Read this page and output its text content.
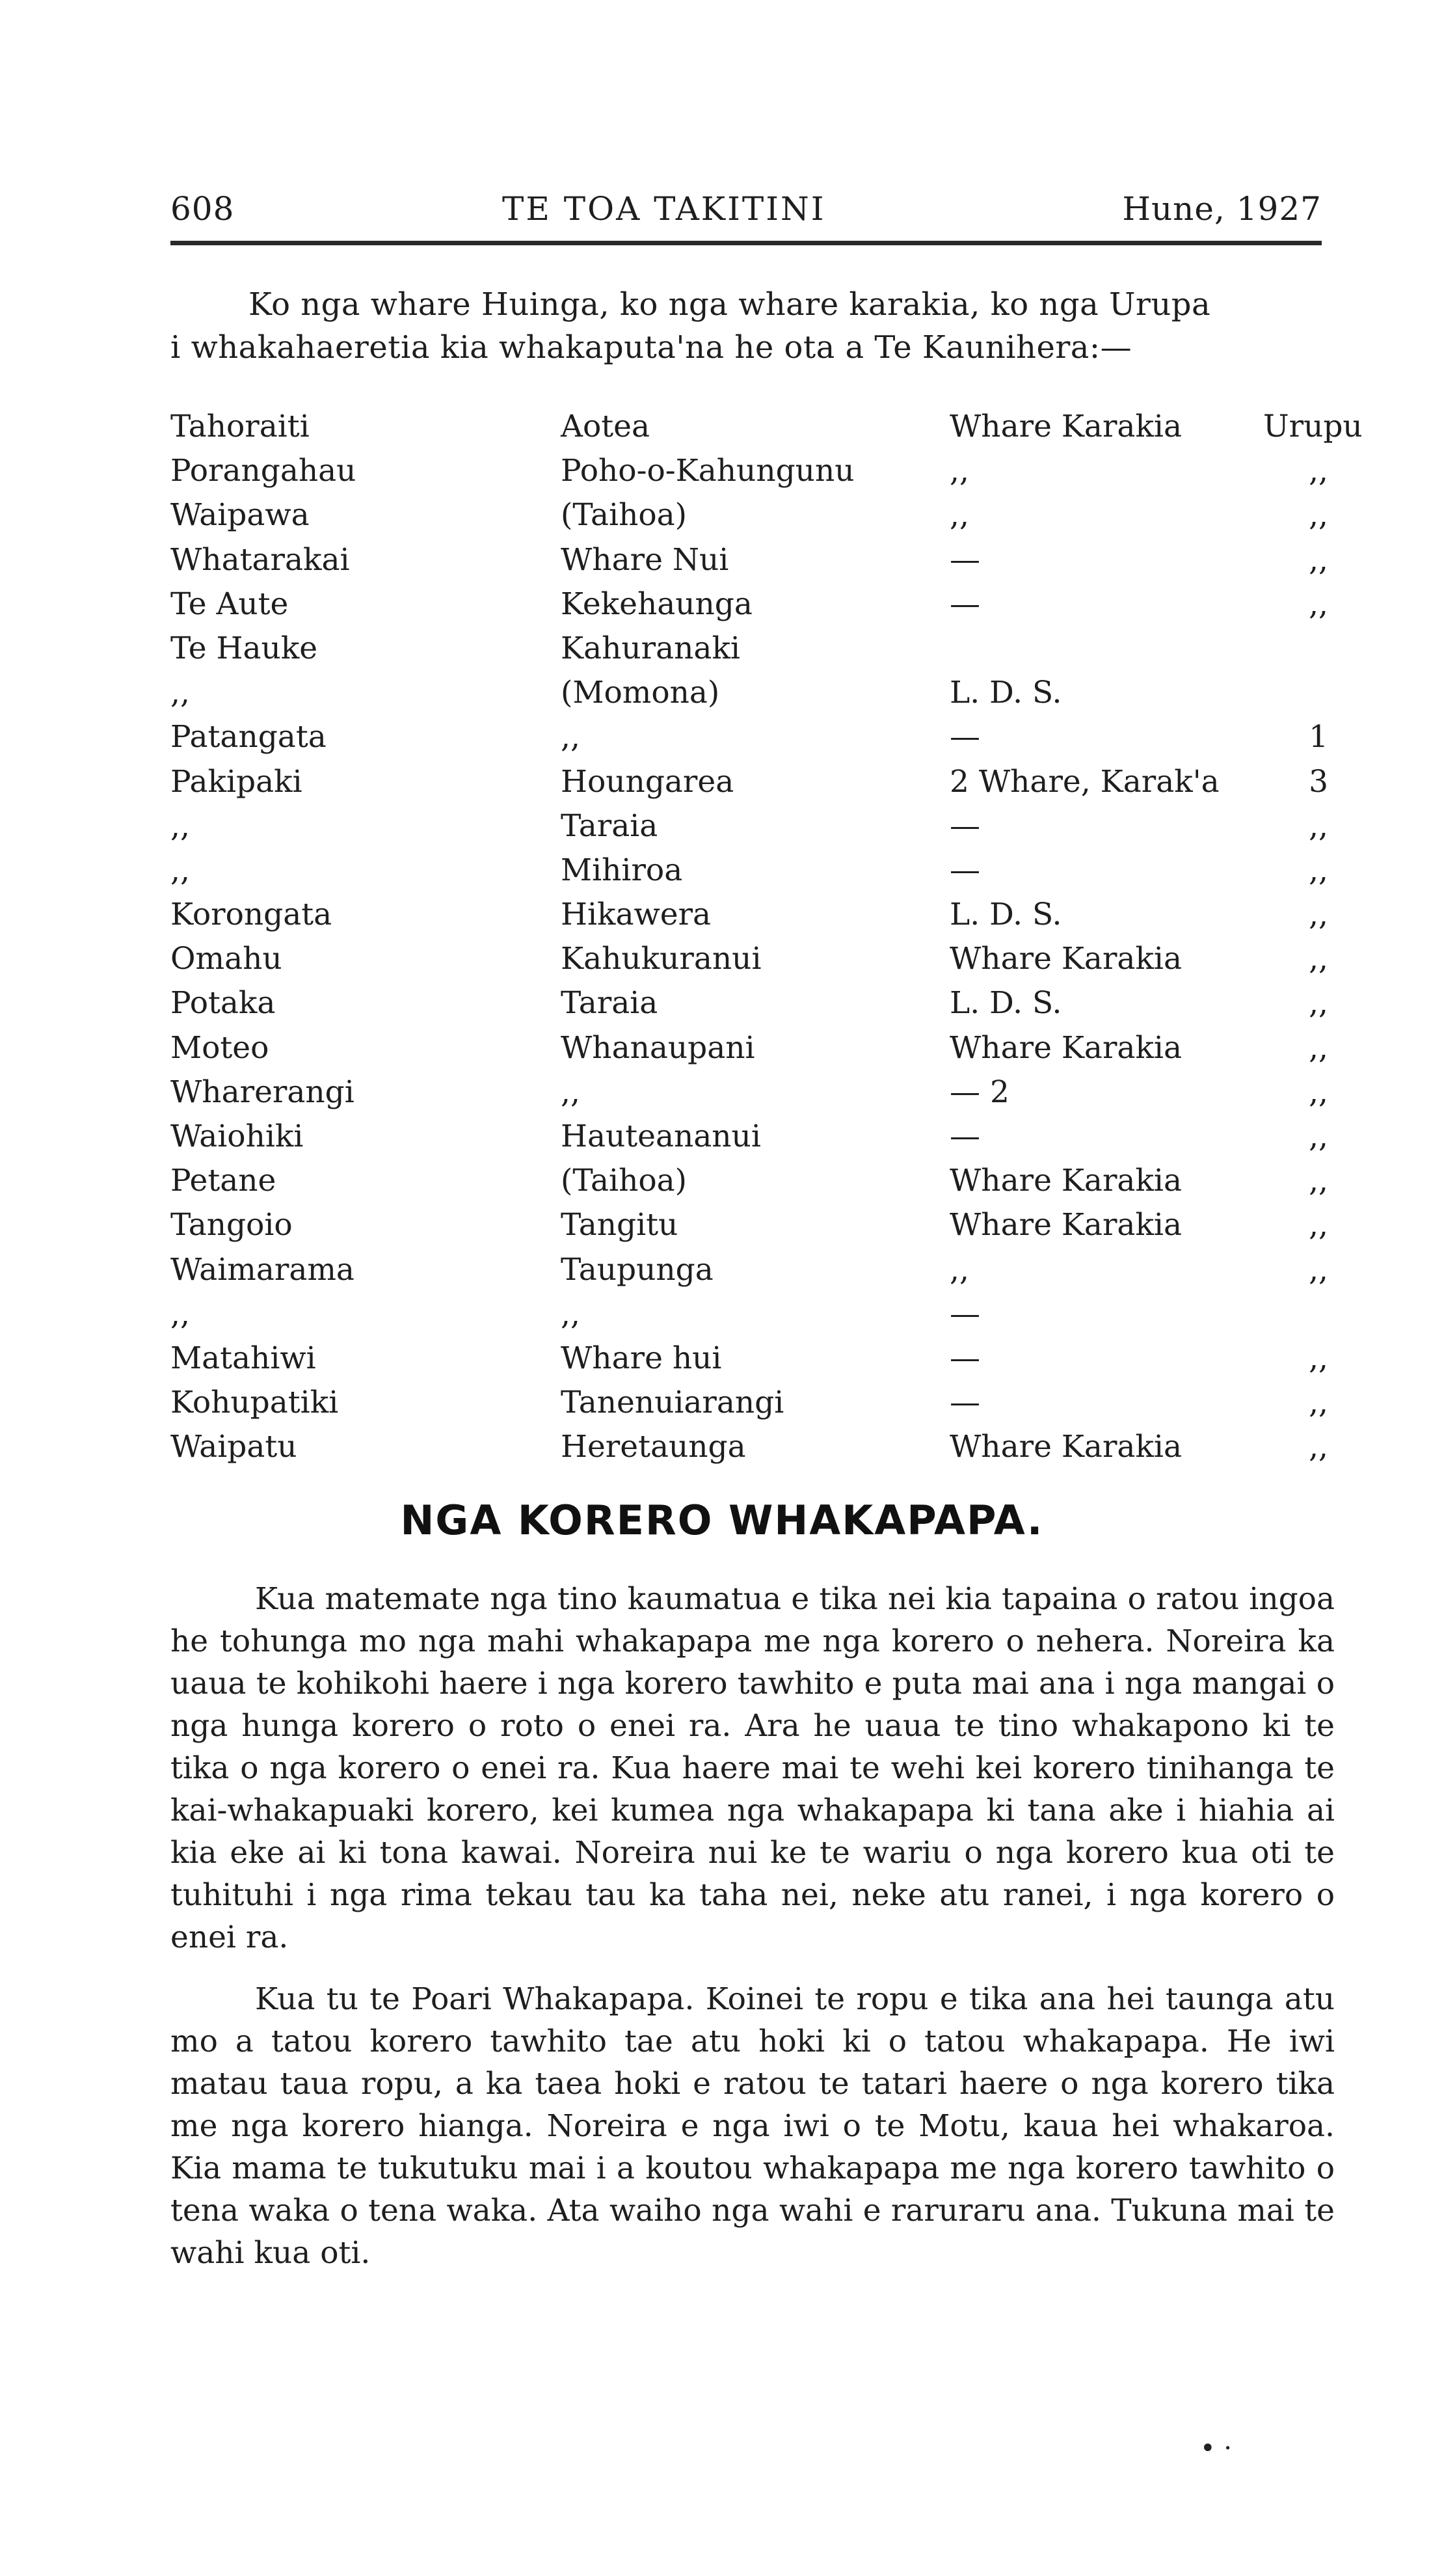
608	TE TOA TAKITINI	Hune, 1927
Ko nga whare Huinga, ko nga whare karakia, ko nga Urupa
i whakahaeretia kia whakaputa'na he ota a Te Kaunihera:—
Tahoraiti	Aotea	Whare Karakia	Urupu
Porangahau	Poho-o-Kahungunu	,,	,,
Waipawa	(Taihoa)	,,	,,
Whatarakai	Whare Nui	—	,,
Te Aute	Kekehaunga	—	,,
Te Hauke	Kahuranaki
,,	(Momona)	L. D. S.
Patangata	,,	—	1
Pakipaki	Houngarea	2 Whare, Karak'a	3
,,	Taraia	—	,,
,,	Mihiroa	—	,,
Korongata	Hikawera	L. D. S.	,,
Omahu	Kahukuranui	Whare Karakia	,,
Potaka	Taraia	L. D. S.	,,
Moteo	Whanaupani	Whare Karakia	,,
Wharerangi	,,	— 2	,,
Waiohiki	Hauteananui	—	,,
Petane	(Taihoa)	Whare Karakia	,,
Tangoio	Tangitu	Whare Karakia	,,
Waimarama	Taupunga	,,	,,
,,	,,	—
Matahiwi	Whare hui	—	,,
Kohupatiki	Tanenuiarangi	—	,,
Waipatu	Heretaunga	Whare Karakia	,,
NGA KORERO WHAKAPAPA.
Kua matemate nga tino kaumatua e tika nei kia tapaina o ratou ingoa he tohunga mo nga mahi whakapapa me nga korero o nehera. Noreira ka uaua te kohikohi haere i nga korero tawhito e puta mai ana i nga mangai o nga hunga korero o roto o enei ra. Ara he uaua te tino whakapono ki te tika o nga korero o enei ra. Kua haere mai te wehi kei korero tinihanga te kai-whakapuaki korero, kei kumea nga whakapapa ki tana ake i hiahia ai kia eke ai ki tona kawai. Noreira nui ke te wariu o nga korero kua oti te tuhituhi i nga rima tekau tau ka taha nei, neke atu ranei, i nga korero o enei ra.
Kua tu te Poari Whakapapa. Koinei te ropu e tika ana hei taunga atu mo a tatou korero tawhito tae atu hoki ki o tatou whakapapa. He iwi matau taua ropu, a ka taea hoki e ratou te tatari haere o nga korero tika me nga korero hianga. Noreira e nga iwi o te Motu, kaua hei whakaroa. Kia mama te tukutuku mai i a koutou whakapapa me nga korero tawhito o tena waka o tena waka. Ata waiho nga wahi e raruraru ana. Tukuna mai te wahi kua oti.
• ·
